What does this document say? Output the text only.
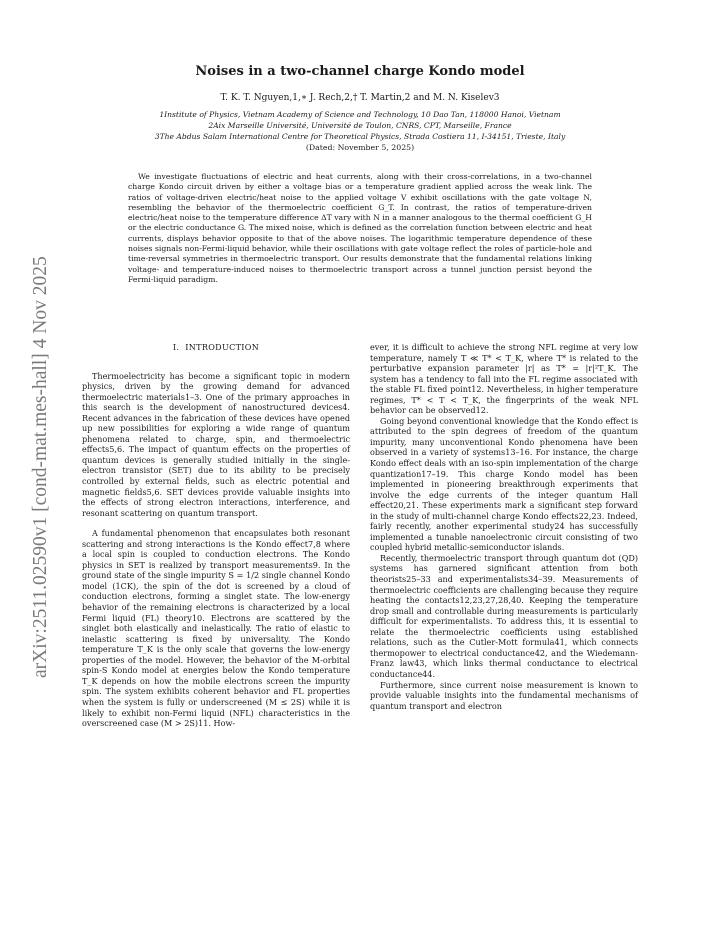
arXiv:2511.02590v1 [cond-mat.mes-hall] 4 Nov 2025
Noises in a two-channel charge Kondo model
T. K. T. Nguyen,1,∗ J. Rech,2,† T. Martin,2 and M. N. Kiselev3
1Institute of Physics, Vietnam Academy of Science and Technology, 10 Dao Tan, 118000 Hanoi, Vietnam
2Aix Marseille Université, Université de Toulon, CNRS, CPT, Marseille, France
3The Abdus Salam International Centre for Theoretical Physics, Strada Costiera 11, I-34151, Trieste, Italy
(Dated: November 5, 2025)

We investigate fluctuations of electric and heat currents, along with their cross-correlations, in a two-channel charge Kondo circuit driven by either a voltage bias or a temperature gradient applied across the weak link. The ratios of voltage-driven electric/heat noise to the applied voltage V exhibit oscillations with the gate voltage N, resembling the behavior of the thermoelectric coefficient G_T. In contrast, the ratios of temperature-driven electric/heat noise to the temperature difference ΔT vary with N in a manner analogous to the thermal coefficient G_H or the electric conductance G. The mixed noise, which is defined as the correlation function between electric and heat currents, displays behavior opposite to that of the above noises. The logarithmic temperature dependence of these noises signals non-Fermi-liquid behavior, while their oscillations with gate voltage reflect the roles of particle-hole and time-reversal symmetries in thermoelectric transport. Our results demonstrate that the fundamental relations linking voltage- and temperature-induced noises to thermoelectric transport across a tunnel junction persist beyond the Fermi-liquid paradigm.

I. INTRODUCTION

Thermoelectricity has become a significant topic in modern physics, driven by the growing demand for advanced thermoelectric materials1–3. One of the primary approaches in this search is the development of nanostructured devices4. Recent advances in the fabrication of these devices have opened up new possibilities for exploring a wide range of quantum phenomena related to charge, spin, and thermoelectric effects5,6. The impact of quantum effects on the properties of quantum devices is generally studied initially in the single-electron transistor (SET) due to its ability to be precisely controlled by external fields, such as electric potential and magnetic fields5,6. SET devices provide valuable insights into the effects of strong electron interactions, interference, and resonant scattering on quantum transport.

A fundamental phenomenon that encapsulates both resonant scattering and strong interactions is the Kondo effect7,8 where a local spin is coupled to conduction electrons. The Kondo physics in SET is realized by transport measurements9. In the ground state of the single impurity S = 1/2 single channel Kondo model (1CK), the spin of the dot is screened by a cloud of conduction electrons, forming a singlet state. The low-energy behavior of the remaining electrons is characterized by a local Fermi liquid (FL) theory10. Electrons are scattered by the singlet both elastically and inelastically. The ratio of elastic to inelastic scattering is fixed by universality. The Kondo temperature T_K is the only scale that governs the low-energy properties of the model. However, the behavior of the M-orbital spin-S Kondo model at energies below the Kondo temperature T_K depends on how the mobile electrons screen the impurity spin. The system exhibits coherent behavior and FL properties when the system is fully or underscreened (M ≤ 2S) while it is likely to exhibit non-Fermi liquid (NFL) characteristics in the overscreened case (M > 2S)11. How-

ever, it is difficult to achieve the strong NFL regime at very low temperature, namely T ≪ T* < T_K, where T* is related to the perturbative expansion parameter |r| as T* = |r|²T_K. The system has a tendency to fall into the FL regime associated with the stable FL fixed point12. Nevertheless, in higher temperature regimes, T* < T < T_K, the fingerprints of the weak NFL behavior can be observed12.

Going beyond conventional knowledge that the Kondo effect is attributed to the spin degrees of freedom of the quantum impurity, many unconventional Kondo phenomena have been observed in a variety of systems13–16. For instance, the charge Kondo effect deals with an iso-spin implementation of the charge quantization17–19. This charge Kondo model has been implemented in pioneering breakthrough experiments that involve the edge currents of the integer quantum Hall effect20,21. These experiments mark a significant step forward in the study of multi-channel charge Kondo effects22,23. Indeed, fairly recently, another experimental study24 has successfully implemented a tunable nanoelectronic circuit consisting of two coupled hybrid metallic-semiconductor islands.

Recently, thermoelectric transport through quantum dot (QD) systems has garnered significant attention from both theorists25–33 and experimentalists34–39. Measurements of thermoelectric coefficients are challenging because they require heating the contacts12,23,27,28,40. Keeping the temperature drop small and controllable during measurements is particularly difficult for experimentalists. To address this, it is essential to relate the thermoelectric coefficients using established relations, such as the Cutler-Mott formula41, which connects thermopower to electrical conductance42, and the Wiedemann-Franz law43, which links thermal conductance to electrical conductance44.

Furthermore, since current noise measurement is known to provide valuable insights into the fundamental mechanisms of quantum transport and electron
